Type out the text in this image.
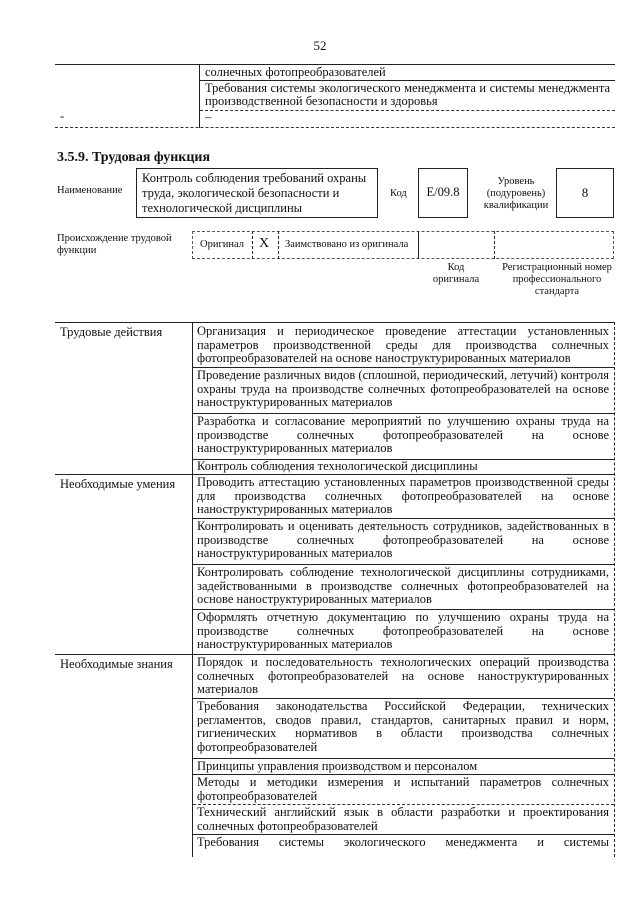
52
солнечных фотопреобразователей
Требования системы экологического менеджмента и системы менеджмента производственной безопасности и здоровья
–
-
3.5.9. Трудовая функция
Наименование
Контроль соблюдения требований охраны труда, экологической безопасности и технологической дисциплины
Код	E/09.8
Уровень (подуровень) квалификации
8
Происхождение трудовой функции
Оригинал X Заимствовано из оригинала
Код оригинала
Регистрационный номер профессионального стандарта
Трудовые действия	Организация и периодическое проведение аттестации установленных параметров производственной среды для производства солнечных фотопреобразователей на основе наноструктурированных материалов

Проведение различных видов (сплошной, периодический, летучий) контроля охраны труда на производстве солнечных фотопреобразователей на основе наноструктурированных материалов

Разработка и согласование мероприятий по улучшению охраны труда на производстве солнечных фотопреобразователей на основе наноструктурированных материалов

Контроль соблюдения технологической дисциплины

Необходимые умения Проводить аттестацию установленных параметров производственной среды для производства солнечных фотопреобразователей на основе наноструктурированных материалов

Контролировать и оценивать деятельность сотрудников, задействованных в производстве солнечных фотопреобразователей на основе наноструктурированных материалов

Контролировать соблюдение технологической дисциплины сотрудниками, задействованными в производстве солнечных фотопреобразователей на основе наноструктурированных материалов

Оформлять отчетную документацию по улучшению охраны труда на производстве солнечных фотопреобразователей на основе наноструктурированных материалов

Необходимые знания Порядок и последовательность технологических операций производства солнечных фотопреобразователей на основе наноструктурированных материалов

Требования законодательства Российской Федерации, технических регламентов, сводов правил, стандартов, санитарных правил и норм, гигиенических нормативов в области производства солнечных фотопреобразователей

Принципы управления производством и персоналом

Методы и методики измерения и испытаний параметров солнечных фотопреобразователей

Технический английский язык в области разработки и проектирования солнечных фотопреобразователей

Требования системы экологического менеджмента и системы
